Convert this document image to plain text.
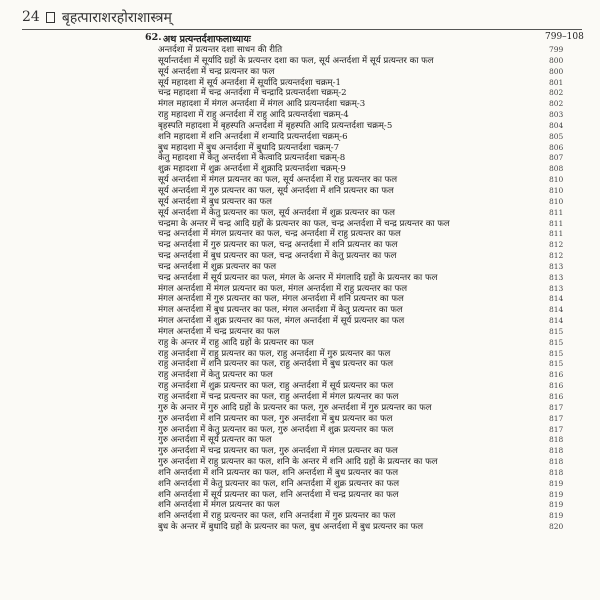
24 बृहत्पाराशरहोराशास्त्रम्
62. अथ प्रत्यन्तर्दशाफलाध्यायः	799–108
अन्तर्दशा में प्रत्यन्तर दशा साधन की रीति	799
सूर्यान्तर्दशा में सूर्यादि ग्रहों के प्रत्यन्तर दशा का फल, सूर्य अन्तर्दशा में सूर्य प्रत्यन्तर का फल	800
सूर्य अन्तर्दशा में चन्द्र प्रत्यन्तर का फल	800
सूर्य महादशा में सूर्य अन्तर्दशा में सूर्यादि प्रत्यन्तर्दशा चक्रम्-1	801
चन्द्र महादशा में चन्द्र अन्तर्दशा में चन्द्रादि प्रत्यन्तर्दशा चक्रम्-2	802
मंगल महादशा में मंगल अन्तर्दशा में मंगल आदि प्रत्यन्तर्दशा चक्रम्-3	802
राहु महादशा में राहु अन्तर्दशा में राहु आदि प्रत्यन्तर्दशा चक्रम्-4	803
बृहस्पति महादशा में बृहस्पति अन्तर्दशा में बृहस्पति आदि प्रत्यन्तर्दशा चक्रम्-5	804
शनि महादशा में शनि अन्तर्दशा में शन्यादि प्रत्यन्तर्दशा चक्रम्-6	805
बुध महादशा में बुध अन्तर्दशा में बुधादि प्रत्यन्तर्दशा चक्रम्-7	806
केतु महादशा में केतु अन्तर्दशा में केत्वादि प्रत्यन्तर्दशा चक्रम्-8	807
शुक्र महादशा में शुक्र अन्तर्दशा में शुक्रादि प्रत्यन्तर्दशा चक्रम्-9	808
सूर्य अन्तर्दशा में मंगल प्रत्यन्तर का फल, सूर्य अन्तर्दशा में राहु प्रत्यन्तर का फल	810
सूर्य अन्तर्दशा में गुरु प्रत्यन्तर का फल, सूर्य अन्तर्दशा में शनि प्रत्यन्तर का फल	810
सूर्य अन्तर्दशा में बुध प्रत्यन्तर का फल	810
सूर्य अन्तर्दशा में केतु प्रत्यन्तर का फल, सूर्य अन्तर्दशा में शुक्र प्रत्यन्तर का फल	811
चन्द्रमा के अन्तर में चन्द्र आदि ग्रहों के प्रत्यन्तर का फल, चन्द्र अन्तर्दशा में चन्द्र प्रत्यन्तर का फल	811
चन्द्र अन्तर्दशा में मंगल प्रत्यन्तर का फल, चन्द्र अन्तर्दशा में राहु प्रत्यन्तर का फल	811
चन्द्र अन्तर्दशा में गुरु प्रत्यन्तर का फल, चन्द्र अन्तर्दशा में शनि प्रत्यन्तर का फल	812
चन्द्र अन्तर्दशा में बुध प्रत्यन्तर का फल, चन्द्र अन्तर्दशा में केतु प्रत्यन्तर का फल	812
चन्द्र अन्तर्दशा में शुक्र प्रत्यन्तर का फल	813
चन्द्र अन्तर्दशा में सूर्य प्रत्यन्तर का फल, मंगल के अन्तर में मंगलादि ग्रहों के प्रत्यन्तर का फल	813
मंगल अन्तर्दशा में मंगल प्रत्यन्तर का फल, मंगल अन्तर्दशा में राहु प्रत्यन्तर का फल	813
मंगल अन्तर्दशा में गुरु प्रत्यन्तर का फल, मंगल अन्तर्दशा में शनि प्रत्यन्तर का फल	814
मंगल अन्तर्दशा में बुध प्रत्यन्तर का फल, मंगल अन्तर्दशा में केतु प्रत्यन्तर का फल	814
मंगल अन्तर्दशा में शुक्र प्रत्यन्तर का फल, मंगल अन्तर्दशा में सूर्य प्रत्यन्तर का फल	814
मंगल अन्तर्दशा में चन्द्र प्रत्यन्तर का फल	815
राहु के अन्तर में राहु आदि ग्रहों के प्रत्यन्तर का फल	815
राहु अन्तर्दशा में राहु प्रत्यन्तर का फल, राहु अन्तर्दशा में गुरु प्रत्यन्तर का फल	815
राहु अन्तर्दशा में शनि प्रत्यन्तर का फल, राहु अन्तर्दशा में बुध प्रत्यन्तर का फल	815
राहु अन्तर्दशा में केतु प्रत्यन्तर का फल	816
राहु अन्तर्दशा में शुक्र प्रत्यन्तर का फल, राहु अन्तर्दशा में सूर्य प्रत्यन्तर का फल	816
राहु अन्तर्दशा में चन्द्र प्रत्यन्तर का फल, राहु अन्तर्दशा में मंगल प्रत्यन्तर का फल	816
गुरु के अन्तर में गुरु आदि ग्रहों के प्रत्यन्तर का फल, गुरु अन्तर्दशा में गुरु प्रत्यन्तर का फल	817
गुरु अन्तर्दशा में शनि प्रत्यन्तर का फल, गुरु अन्तर्दशा में बुध प्रत्यन्तर का फल	817
गुरु अन्तर्दशा में केतु प्रत्यन्तर का फल, गुरु अन्तर्दशा में शुक्र प्रत्यन्तर का फल	817
गुरु अन्तर्दशा में सूर्य प्रत्यन्तर का फल	818
गुरु अन्तर्दशा में चन्द्र प्रत्यन्तर का फल, गुरु अन्तर्दशा में मंगल प्रत्यन्तर का फल	818
गुरु अन्तर्दशा में राहु प्रत्यन्तर का फल, शनि के अन्तर में शनि आदि ग्रहों के प्रत्यन्तर का फल	818
शनि अन्तर्दशा में शनि प्रत्यन्तर का फल, शनि अन्तर्दशा में बुध प्रत्यन्तर का फल	818
शनि अन्तर्दशा में केतु प्रत्यन्तर का फल, शनि अन्तर्दशा में शुक्र प्रत्यन्तर का फल	819
शनि अन्तर्दशा में सूर्य प्रत्यन्तर का फल, शनि अन्तर्दशा में चन्द्र प्रत्यन्तर का फल	819
शनि अन्तर्दशा में मंगल प्रत्यन्तर का फल	819
शनि अन्तर्दशा में राहु प्रत्यन्तर का फल, शनि अन्तर्दशा में गुरु प्रत्यन्तर का फल	819
बुध के अन्तर में बुधादि ग्रहों के प्रत्यन्तर का फल, बुध अन्तर्दशा में बुध प्रत्यन्तर का फल	820
